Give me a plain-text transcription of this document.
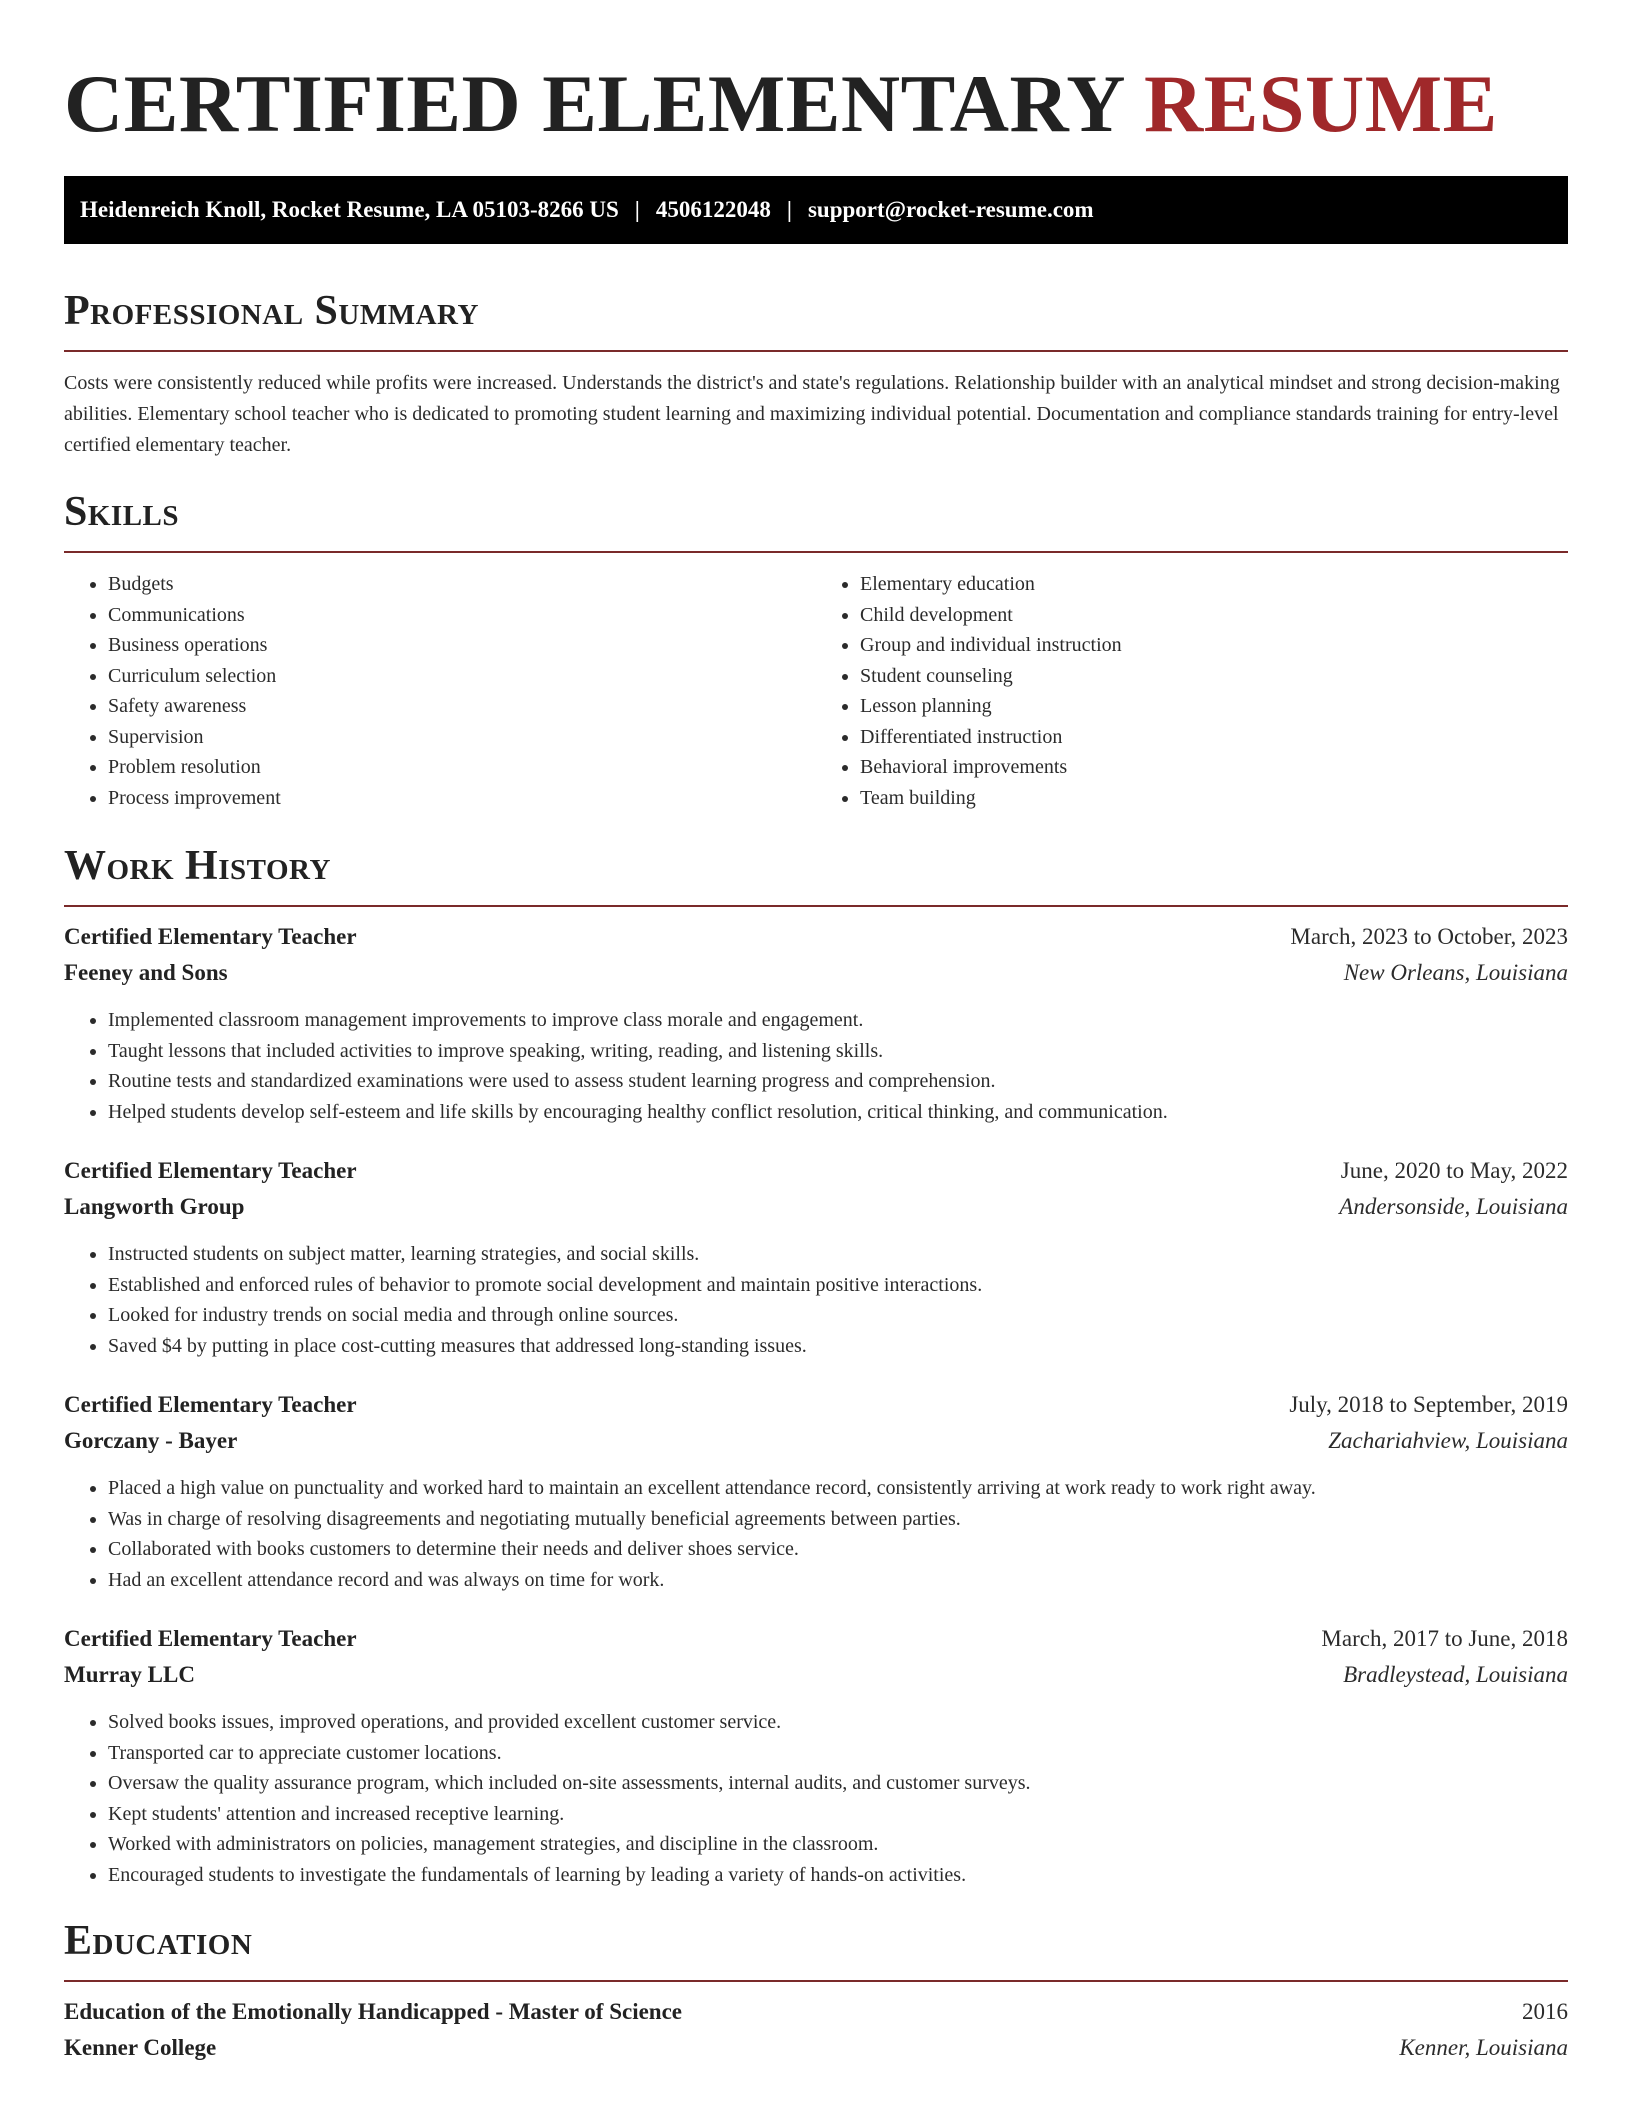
CERTIFIED ELEMENTARY RESUME
Heidenreich Knoll, Rocket Resume, LA 05103-8266 US | 4506122048 | support@rocket-resume.com
Professional Summary

Costs were consistently reduced while profits were increased. Understands the district's and state's regulations. Relationship builder with an analytical mindset and strong decision-making abilities. Elementary school teacher who is dedicated to promoting student learning and maximizing individual potential. Documentation and compliance standards training for entry-level certified elementary teacher.

Skills
• Budgets
• Communications
• Business operations
• Curriculum selection
• Safety awareness
• Supervision
• Problem resolution
• Process improvement
• Elementary education
• Child development
• Group and individual instruction
• Student counseling
• Lesson planning
• Differentiated instruction
• Behavioral improvements
• Team building
Work History
Certified Elementary Teacher	March, 2023 to October, 2023
Feeney and Sons	New Orleans, Louisiana
• Implemented classroom management improvements to improve class morale and engagement.
• Taught lessons that included activities to improve speaking, writing, reading, and listening skills.
• Routine tests and standardized examinations were used to assess student learning progress and comprehension.
• Helped students develop self-esteem and life skills by encouraging healthy conflict resolution, critical thinking, and communication.
Certified Elementary Teacher	June, 2020 to May, 2022
Langworth Group	Andersonside, Louisiana
• Instructed students on subject matter, learning strategies, and social skills.
• Established and enforced rules of behavior to promote social development and maintain positive interactions.
• Looked for industry trends on social media and through online sources.
• Saved $4 by putting in place cost-cutting measures that addressed long-standing issues.
Certified Elementary Teacher	July, 2018 to September, 2019
Gorczany - Bayer	Zachariahview, Louisiana
• Placed a high value on punctuality and worked hard to maintain an excellent attendance record, consistently arriving at work ready to work right away.
• Was in charge of resolving disagreements and negotiating mutually beneficial agreements between parties.
• Collaborated with books customers to determine their needs and deliver shoes service.
• Had an excellent attendance record and was always on time for work.
Certified Elementary Teacher	March, 2017 to June, 2018
Murray LLC	Bradleystead, Louisiana
• Solved books issues, improved operations, and provided excellent customer service.
• Transported car to appreciate customer locations.
• Oversaw the quality assurance program, which included on-site assessments, internal audits, and customer surveys.
• Kept students' attention and increased receptive learning.
• Worked with administrators on policies, management strategies, and discipline in the classroom.
• Encouraged students to investigate the fundamentals of learning by leading a variety of hands-on activities.
Education
Education of the Emotionally Handicapped - Master of Science	2016
Kenner College	Kenner, Louisiana
